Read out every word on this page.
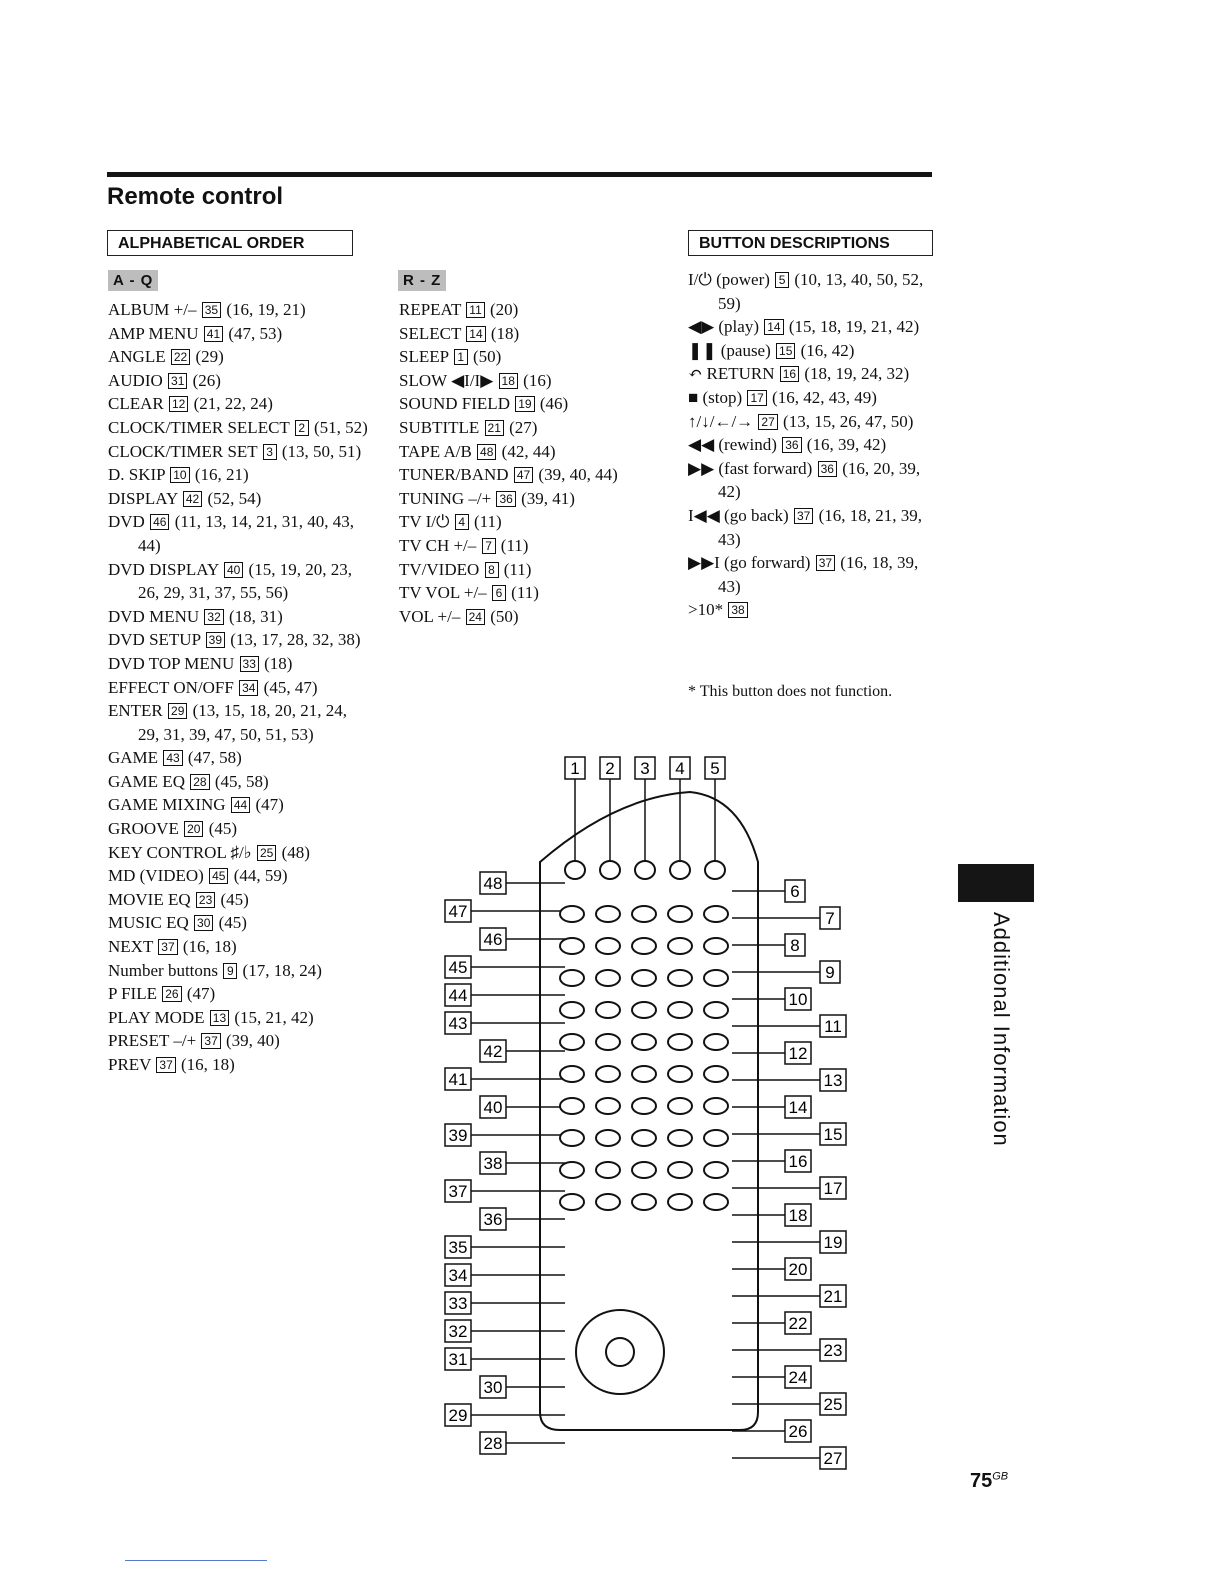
Remote control
ALPHABETICAL ORDER	BUTTON DESCRIPTIONS
A - Q	R - Z

ALBUM +/– 35 (16, 19, 21)

AMP MENU 41 (47, 53)

ANGLE 22 (29)

AUDIO 31 (26)

CLEAR 12 (21, 22, 24)

CLOCK/TIMER SELECT 2 (51, 52)

CLOCK/TIMER SET 3 (13, 50, 51)

D. SKIP 10 (16, 21)

DISPLAY 42 (52, 54)

DVD 46 (11, 13, 14, 21, 31, 40, 43, 44)

DVD DISPLAY 40 (15, 19, 20, 23, 26, 29, 31, 37, 55, 56)

DVD MENU 32 (18, 31)

DVD SETUP 39 (13, 17, 28, 32, 38)

DVD TOP MENU 33 (18)

EFFECT ON/OFF 34 (45, 47)

ENTER 29 (13, 15, 18, 20, 21, 24, 29, 31, 39, 47, 50, 51, 53)

GAME 43 (47, 58)

GAME EQ 28 (45, 58)

GAME MIXING 44 (47)

GROOVE 20 (45)

KEY CONTROL ♯/♭ 25 (48)

MD (VIDEO) 45 (44, 59)

MOVIE EQ 23 (45)

MUSIC EQ 30 (45)

NEXT 37 (16, 18)

Number buttons 9 (17, 18, 24)

P FILE 26 (47)

PLAY MODE 13 (15, 21, 42)

PRESET –/+ 37 (39, 40)

PREV 37 (16, 18)

REPEAT 11 (20)

SELECT 14 (18)

SLEEP 1 (50)

SLOW ◀I/I▶ 18 (16)

SOUND FIELD 19 (46)

SUBTITLE 21 (27)

TAPE A/B 48 (42, 44)

TUNER/BAND 47 (39, 40, 44)

TUNING –/+ 36 (39, 41)

TV I/⏻ 4 (11)

TV CH +/– 7 (11)

TV/VIDEO 8 (11)

TV VOL +/– 6 (11)

VOL +/– 24 (50)

I/⏻ (power) 5 (10, 13, 40, 50, 52, 59)

◀▶ (play) 14 (15, 18, 19, 21, 42)

❚❚ (pause) 15 (16, 42)

↶ RETURN 16 (18, 19, 24, 32)

■ (stop) 17 (16, 42, 43, 49)

↑/↓/←/→ 27 (13, 15, 26, 47, 50)

◀◀ (rewind) 36 (16, 39, 42)

▶▶ (fast forward) 36 (16, 20, 39, 42)

I◀◀ (go back) 37 (16, 18, 21, 39, 43)

▶▶I (go forward) 37 (16, 18, 39, 43)

>10* 38

* This button does not function.
1 2 3 4 5
48
47
46
45
44
43
42
41
40
39
38
37
36
35
34
33
32
31
30
29
28
6
7
8
9
10
11
12
13
14
15
16
17
18
19
20
21
22
23
24
25
26
27
Additional Information
$75^{GB}$
